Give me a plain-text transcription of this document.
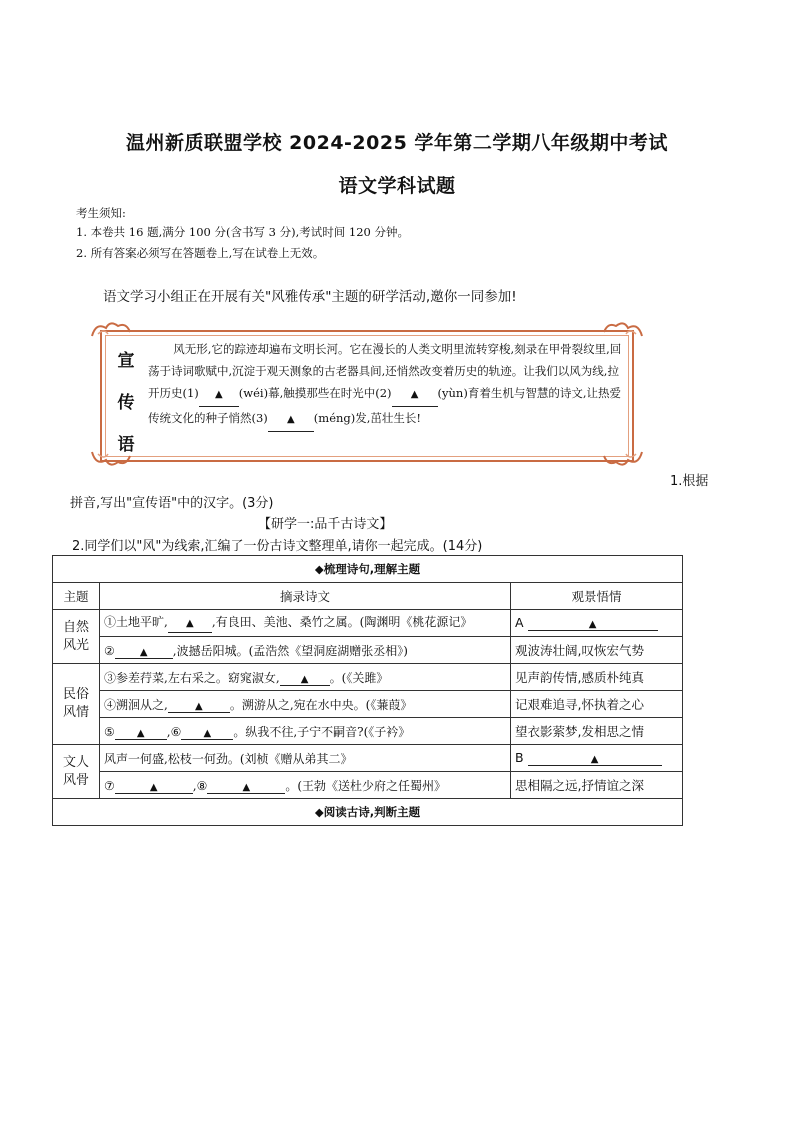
温州新质联盟学校 2024-2025 学年第二学期八年级期中考试
语文学科试题
考生须知:
1. 本卷共 16 题,满分 100 分(含书写 3 分),考试时间 120 分钟。
2. 所有答案必须写在答题卷上,写在试卷上无效。
语文学习小组正在开展有关"风雅传承"主题的研学活动,邀你一同参加!
宣
传
语
风无形,它的踪迹却遍布文明长河。它在漫长的人类文明里流转穿梭,刻录在甲骨裂纹里,回荡于诗词歌赋中,沉淀于观天测象的古老器具间,还悄然改变着历史的轨迹。让我们以风为线,拉开历史(1) ▲ (wéi)幕,触摸那些在时光中(2) ▲ (yùn)育着生机与智慧的诗文,让热爱传统文化的种子悄然(3) ▲ (méng)发,茁壮生长!
1.根据
拼音,写出"宣传语"中的汉字。(3分)
【研学一:品千古诗文】
2.同学们以"风"为线索,汇编了一份古诗文整理单,请你一起完成。(14分)
◆梳理诗句,理解主题		
主题	摘录诗文	观景悟情
自然风光	①土地平旷, ▲ ,有良田、美池、桑竹之属。(陶渊明《桃花源记》	A ▲
	② ▲ ,波撼岳阳城。(孟浩然《望洞庭湖赠张丞相》)	观波涛壮阔,叹恢宏气势
民俗风情	③参差荇菜,左右采之。窈窕淑女, ▲ 。(《关雎》	见声韵传情,感质朴纯真
	④溯洄从之, ▲ 。溯游从之,宛在水中央。(《蒹葭》	记艰难追寻,怀执着之心
	⑤ ▲ ,⑥ ▲ 。纵我不往,子宁不嗣音?(《子衿》	望衣影萦梦,发相思之情
文人风骨	风声一何盛,松枝一何劲。(刘桢《赠从弟其二》	B ▲
	⑦ ▲ ,⑧ ▲ 。(王勃《送杜少府之任蜀州》	思相隔之远,抒情谊之深
◆阅读古诗,判断主题		
